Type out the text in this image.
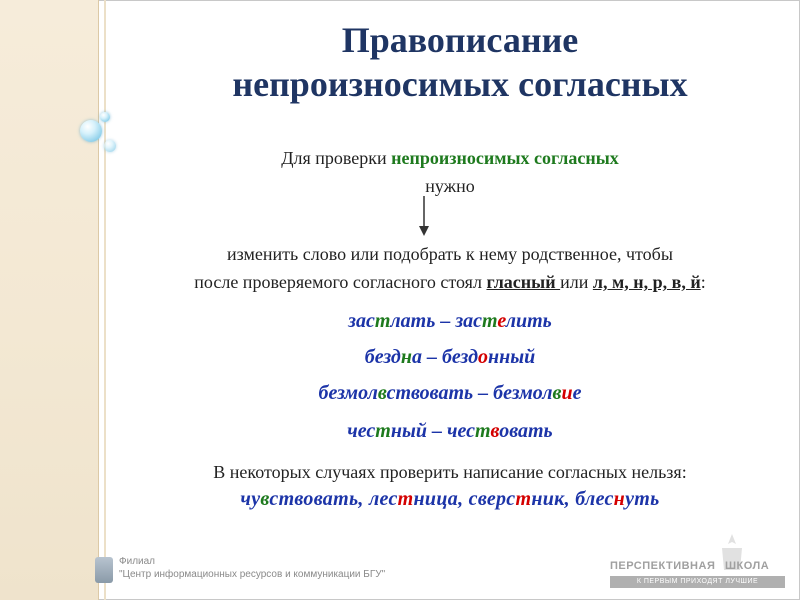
Правописание
непроизносимых согласных
Для проверки непроизносимых согласных
нужно
изменить слово или подобрать к нему родственное, чтобы
после проверяемого согласного стоял гласный или л, м, н, р, в, й:
застлать – застелить
бездна – бездонный
безмолвствовать – безмолвие
честный – чествовать
В некоторых случаях проверить написание согласных нельзя:
чувствовать, лестница, сверстник, блеснуть
Филиал
"Центр информационных ресурсов и коммуникации БГУ"
ПЕРСПЕКТИВНАЯ ШКОЛА
К ПЕРВЫМ ПРИХОДЯТ ЛУЧШИЕ
